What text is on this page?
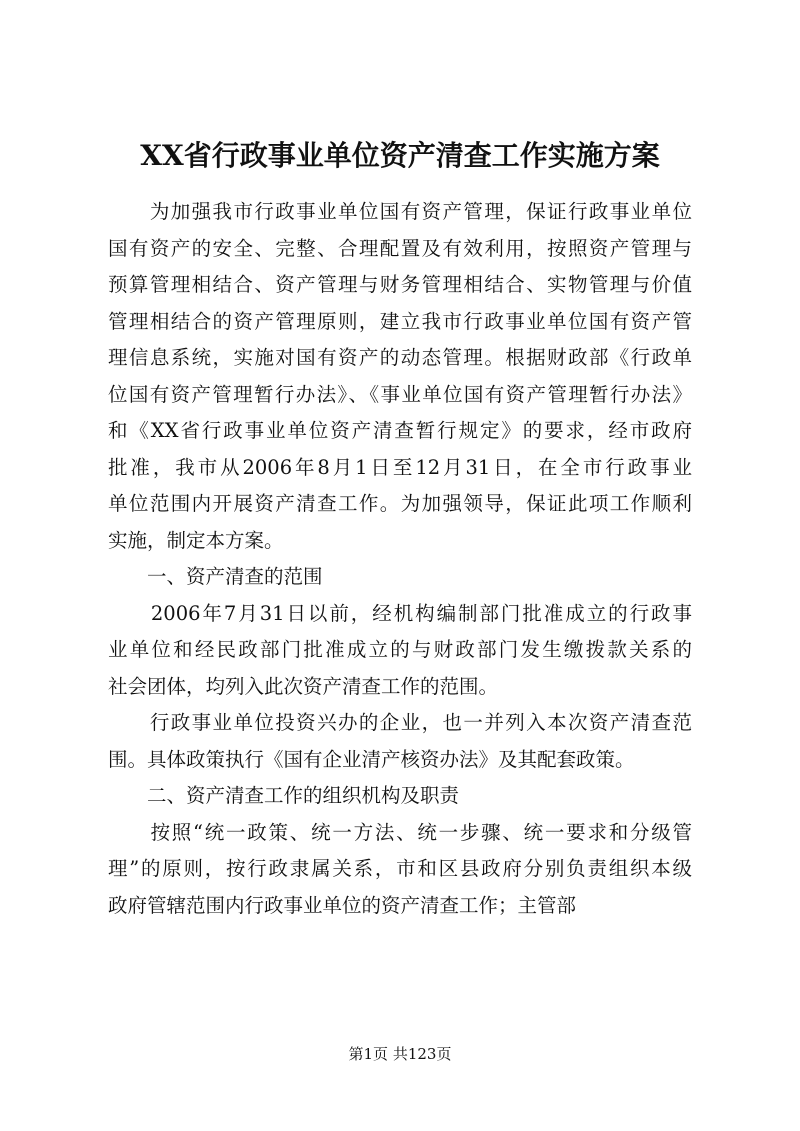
XX省行政事业单位资产清查工作实施方案
　　为加强我市行政事业单位国有资产管理，保证行政事业单位
国有资产的安全、完整、合理配置及有效利用，按照资产管理与
预算管理相结合、资产管理与财务管理相结合、实物管理与价值
管理相结合的资产管理原则，建立我市行政事业单位国有资产管
理信息系统，实施对国有资产的动态管理。根据财政部《行政单
位国有资产管理暂行办法》、《事业单位国有资产管理暂行办法》
和《XX省行政事业单位资产清查暂行规定》的要求，经市政府
批准，我市从2006年8月1日至12月31日，在全市行政事业
单位范围内开展资产清查工作。为加强领导，保证此项工作顺利
实施，制定本方案。
　　一、资产清查的范围
　　2006年7月31日以前，经机构编制部门批准成立的行政事
业单位和经民政部门批准成立的与财政部门发生缴拨款关系的
社会团体，均列入此次资产清查工作的范围。
　　行政事业单位投资兴办的企业，也一并列入本次资产清查范
围。具体政策执行《国有企业清产核资办法》及其配套政策。
　　二、资产清查工作的组织机构及职责
　　按照“统一政策、统一方法、统一步骤、统一要求和分级管
理”的原则，按行政隶属关系，市和区县政府分别负责组织本级
政府管辖范围内行政事业单位的资产清查工作；主管部
第1页 共123页
